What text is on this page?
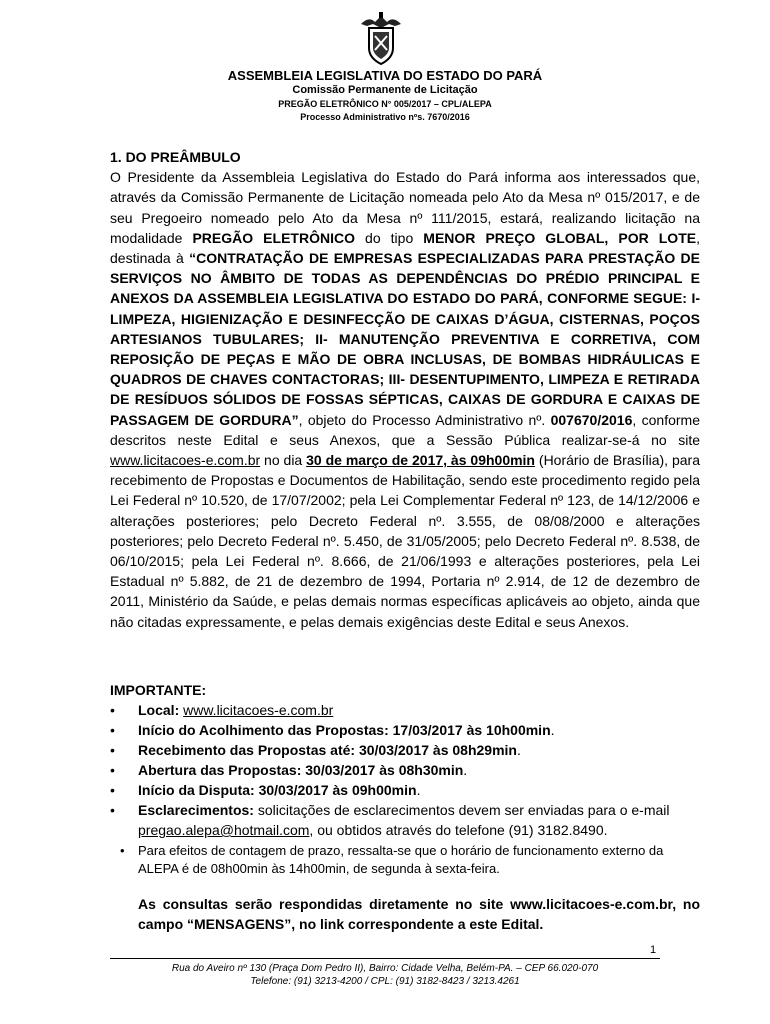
ASSEMBLEIA LEGISLATIVA DO ESTADO DO PARÁ
Comissão Permanente de Licitação
PREGÃO ELETRÔNICO N° 005/2017 – CPL/ALEPA
Processo Administrativo nºs. 7670/2016

1. DO PREÂMBULO

O Presidente da Assembleia Legislativa do Estado do Pará informa aos interessados que, através da Comissão Permanente de Licitação nomeada pelo Ato da Mesa nº 015/2017, e de seu Pregoeiro nomeado pelo Ato da Mesa nº 111/2015, estará, realizando licitação na modalidade PREGÃO ELETRÔNICO do tipo MENOR PREÇO GLOBAL, POR LOTE, destinada à “CONTRATAÇÃO DE EMPRESAS ESPECIALIZADAS PARA PRESTAÇÃO DE SERVIÇOS NO ÂMBITO DE TODAS AS DEPENDÊNCIAS DO PRÉDIO PRINCIPAL E ANEXOS DA ASSEMBLEIA LEGISLATIVA DO ESTADO DO PARÁ, CONFORME SEGUE: I- LIMPEZA, HIGIENIZAÇÃO E DESINFECÇÃO DE CAIXAS D’ÁGUA, CISTERNAS, POÇOS ARTESIANOS TUBULARES; II- MANUTENÇÃO PREVENTIVA E CORRETIVA, COM REPOSIÇÃO DE PEÇAS E MÃO DE OBRA INCLUSAS, DE BOMBAS HIDRÁULICAS E QUADROS DE CHAVES CONTACTORAS; III- DESENTUPIMENTO, LIMPEZA E RETIRADA DE RESÍDUOS SÓLIDOS DE FOSSAS SÉPTICAS, CAIXAS DE GORDURA E CAIXAS DE PASSAGEM DE GORDURA”, objeto do Processo Administrativo nº. 007670/2016, conforme descritos neste Edital e seus Anexos, que a Sessão Pública realizar-se-á no site www.licitacoes-e.com.br no dia 30 de março de 2017, às 09h00min (Horário de Brasília), para recebimento de Propostas e Documentos de Habilitação, sendo este procedimento regido pela Lei Federal nº 10.520, de 17/07/2002; pela Lei Complementar Federal nº 123, de 14/12/2006 e alterações posteriores; pelo Decreto Federal nº. 3.555, de 08/08/2000 e alterações posteriores; pelo Decreto Federal nº. 5.450, de 31/05/2005; pelo Decreto Federal nº. 8.538, de 06/10/2015; pela Lei Federal nº. 8.666, de 21/06/1993 e alterações posteriores, pela Lei Estadual nº 5.882, de 21 de dezembro de 1994, Portaria nº 2.914, de 12 de dezembro de 2011, Ministério da Saúde, e pelas demais normas específicas aplicáveis ao objeto, ainda que não citadas expressamente, e pelas demais exigências deste Edital e seus Anexos.

IMPORTANTE:

• Local: www.licitacoes-e.com.br
• Início do Acolhimento das Propostas: 17/03/2017 às 10h00min.
• Recebimento das Propostas até: 30/03/2017 às 08h29min.
• Abertura das Propostas: 30/03/2017 às 08h30min.
• Início da Disputa: 30/03/2017 às 09h00min.
• Esclarecimentos: solicitações de esclarecimentos devem ser enviadas para o e-mail pregao.alepa@hotmail.com, ou obtidos através do telefone (91) 3182.8490.
• Para efeitos de contagem de prazo, ressalta-se que o horário de funcionamento externo da ALEPA é de 08h00min às 14h00min, de segunda à sexta-feira.

As consultas serão respondidas diretamente no site www.licitacoes-e.com.br, no campo “MENSAGENS”, no link correspondente a este Edital.

1
Rua do Aveiro nº 130 (Praça Dom Pedro II), Bairro: Cidade Velha, Belém-PA. – CEP 66.020-070
Telefone: (91) 3213-4200 / CPL: (91) 3182-8423 / 3213.4261
